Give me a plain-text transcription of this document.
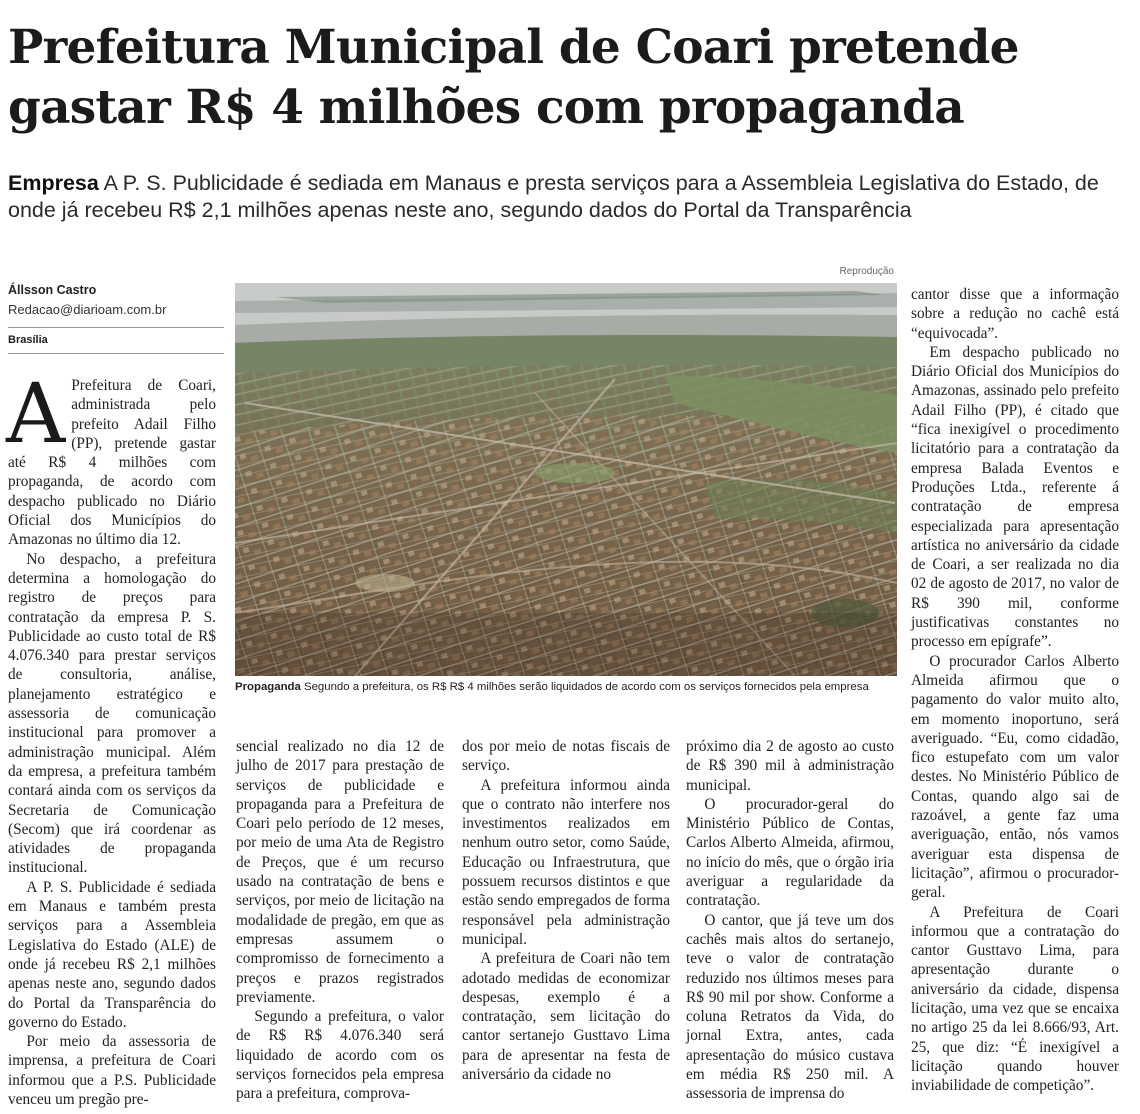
Prefeitura Municipal de Coari pretende gastar R$ 4 milhões com propaganda

Empresa A P. S. Publicidade é sediada em Manaus e presta serviços para a Assembleia Legislativa do Estado, de onde já recebeu R$ 2,1 milhões apenas neste ano, segundo dados do Portal da Transparência

Állsson Castro
Redacao@diarioam.com.br
Brasília
Reprodução
Propaganda Segundo a prefeitura, os R$ R$ 4 milhões serão liquidados de acordo com os serviços fornecidos pela empresa

A Prefeitura de Coari, administrada pelo prefeito Adail Filho (PP), pretende gastar até R$ 4 milhões com propaganda, de acordo com despacho publicado no Diário Oficial dos Municípios do Amazonas no último dia 12.

No despacho, a prefeitura determina a homologação do registro de preços para contratação da empresa P. S. Publicidade ao custo total de R$ 4.076.340 para prestar serviços de consultoria, análise, planejamento estratégico e assessoria de comunicação institucional para promover a administração municipal. Além da empresa, a prefeitura também contará ainda com os serviços da Secretaria de Comunicação (Secom) que irá coordenar as atividades de propaganda institucional.

A P. S. Publicidade é sediada em Manaus e também presta serviços para a Assembleia Legislativa do Estado (ALE) de onde já recebeu R$ 2,1 milhões apenas neste ano, segundo dados do Portal da Transparência do governo do Estado.

Por meio da assessoria de imprensa, a prefeitura de Coari informou que a P.S. Publicidade venceu um pregão pre-

sencial realizado no dia 12 de julho de 2017 para prestação de serviços de publicidade e propaganda para a Prefeitura de Coari pelo período de 12 meses, por meio de uma Ata de Registro de Preços, que é um recurso usado na contratação de bens e serviços, por meio de licitação na modalidade de pregão, em que as empresas assumem o compromisso de fornecimento a preços e prazos registrados previamente.

Segundo a prefeitura, o valor de R$ R$ 4.076.340 será liquidado de acordo com os serviços fornecidos pela empresa para a prefeitura, comprova-

dos por meio de notas fiscais de serviço.

A prefeitura informou ainda que o contrato não interfere nos investimentos realizados em nenhum outro setor, como Saúde, Educação ou Infraestrutura, que possuem recursos distintos e que estão sendo empregados de forma responsável pela administração municipal.

A prefeitura de Coari não tem adotado medidas de economizar despesas, exemplo é a contratação, sem licitação do cantor sertanejo Gusttavo Lima para de apresentar na festa de aniversário da cidade no

próximo dia 2 de agosto ao custo de R$ 390 mil à administração municipal.

O procurador-geral do Ministério Público de Contas, Carlos Alberto Almeida, afirmou, no início do mês, que o órgão iria averiguar a regularidade da contratação.

O cantor, que já teve um dos cachês mais altos do sertanejo, teve o valor de contratação reduzido nos últimos meses para R$ 90 mil por show. Conforme a coluna Retratos da Vida, do jornal Extra, antes, cada apresentação do músico custava em média R$ 250 mil. A assessoria de imprensa do

cantor disse que a informação sobre a redução no cachê está “equivocada”.

Em despacho publicado no Diário Oficial dos Municípios do Amazonas, assinado pelo prefeito Adail Filho (PP), é citado que “fica inexigível o procedimento licitatório para a contratação da empresa Balada Eventos e Produções Ltda., referente á contratação de empresa especializada para apresentação artística no aniversário da cidade de Coari, a ser realizada no dia 02 de agosto de 2017, no valor de R$ 390 mil, conforme justificativas constantes no processo em epígrafe”.

O procurador Carlos Alberto Almeida afirmou que o pagamento do valor muito alto, em momento inoportuno, será averiguado. “Eu, como cidadão, fico estupefato com um valor destes. No Ministério Público de Contas, quando algo sai de razoável, a gente faz uma averiguação, então, nós vamos averiguar esta dispensa de licitação”, afirmou o procurador-geral.

A Prefeitura de Coari informou que a contratação do cantor Gusttavo Lima, para apresentação durante o aniversário da cidade, dispensa licitação, uma vez que se encaixa no artigo 25 da lei 8.666/93, Art. 25, que diz: “É inexigível a licitação quando houver inviabilidade de competição”.
